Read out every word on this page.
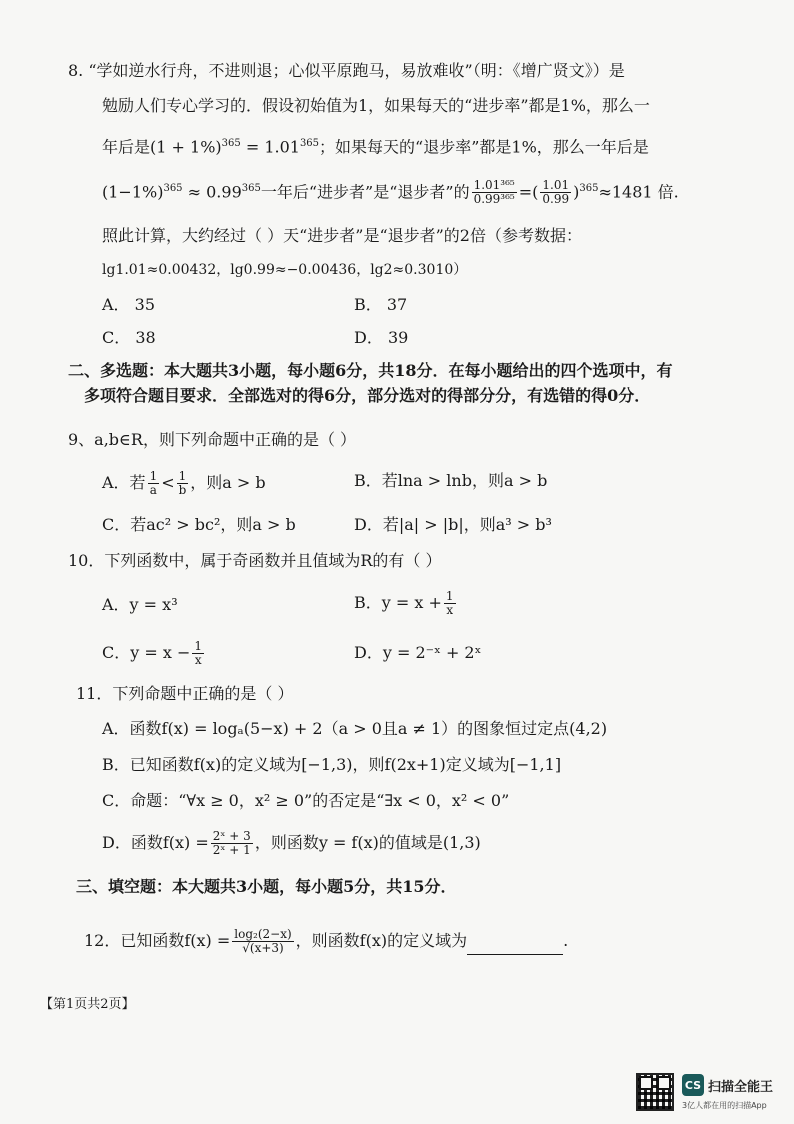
8. “学如逆水行舟，不进则退；心似平原跑马，易放难收”（明：《增广贤文》）是
勉励人们专心学习的．假设初始值为1，如果每天的“进步率”都是1%，那么一
年后是$(1 + 1\%)^{365} = 1.01^{365}$；如果每天的“退步率”都是1%，那么一年后是
$(1-1\%)^{365} \approx 0.99^{365}$一年后“进步者”是“退步者”的 $\frac{\text{1.01³⁶⁵}}{\text{0.99³⁶⁵}}$ =( $\frac{1.01}{0.99} )^{365}\approx 1481$ 倍.
照此计算，大约经过（ ）天“进步者”是“退步者”的2倍（参考数据：
lg1.01≈0.00432，lg0.99≈−0.00436，lg2≈0.3010）
A． 35	B． 37
C． 38	D． 39
二、多选题：本大题共3小题，每小题6分，共18分．在每小题给出的四个选项中，有
多项符合题目要求．全部选对的得6分，部分选对的得部分分，有选错的得0分．
9、a,b∈R，则下列命题中正确的是（ ）
A．若 $\frac{1}{a} < \frac{1}{b}$ ，则a > b	B．若lna > lnb，则a > b
C．若ac² > bc²，则a > b	D．若|a| > |b|，则a³ > b³
10．下列函数中，属于奇函数并且值域为R的有（ ）
A．y = x³	B．$y = x + \frac{1}{x}$
C．$y = x - \frac{1}{x}$	D．y = 2⁻ˣ + 2ˣ
11．下列命题中正确的是（ ）
A．函数f(x) = logₐ(5−x) + 2（a > 0且a ≠ 1）的图象恒过定点(4,2)
B．已知函数f(x)的定义域为[−1,3)，则f(2x+1)定义域为[−1,1]
C．命题：“∀x ≥ 0，x² ≥ 0”的否定是“∃x < 0，x² < 0”
D．函数$f(x) = \frac{\text{2ˣ + 3}}{\text{2ˣ + 1}}$ ，则函数y = f(x)的值域是(1,3)
三、填空题：本大题共3小题，每小题5分，共15分．
12．已知函数$f(x) = \frac{\text{log₂(2−x)}}{√(x+3)}$ ，则函数f(x)的定义域为	.
【第1页共2页】
CS 扫描全能王
3亿人都在用的扫描App
